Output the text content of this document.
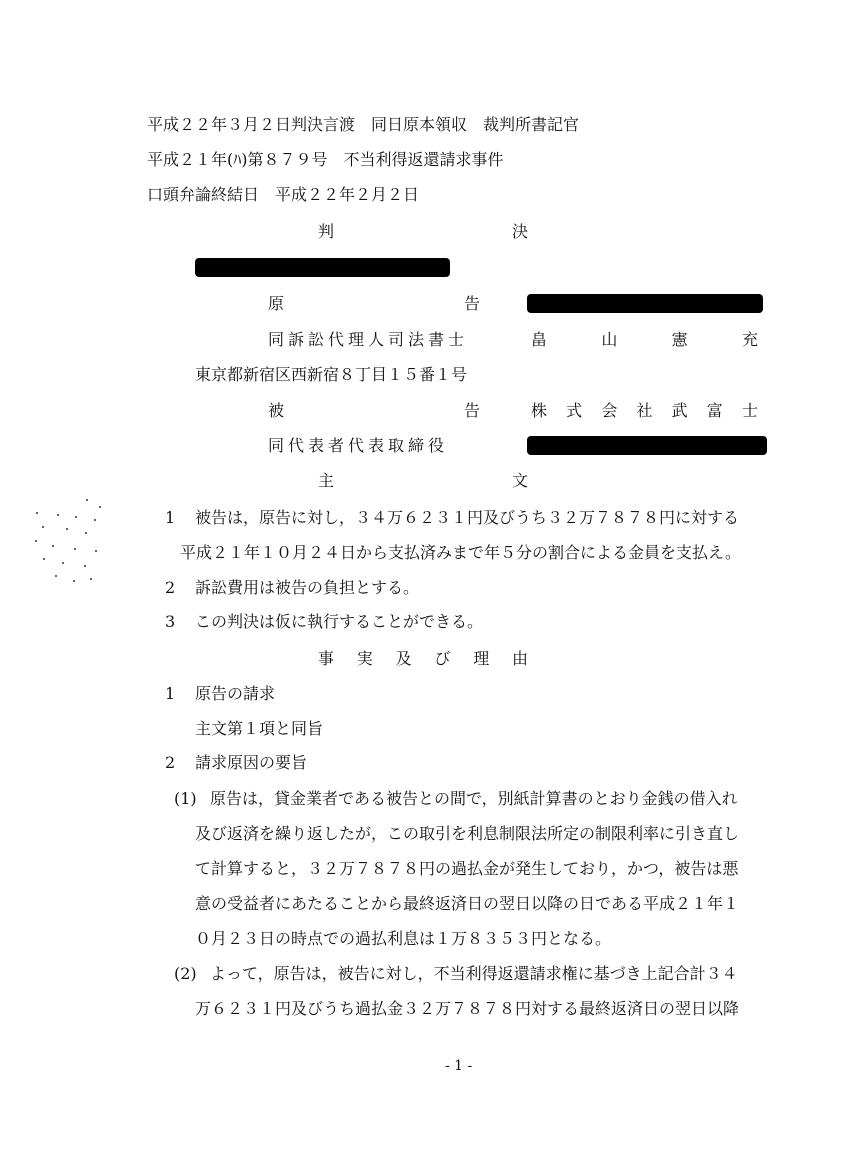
平成２２年３月２日判決言渡　同日原本領収　裁判所書記官
平成２１年(ﾊ)第８７９号　不当利得返還請求事件
口頭弁論終結日　平成２２年２月２日
判	決
原	告
同訴訟代理人司法書士	畠	山	憲	充
東京都新宿区西新宿８丁目１５番１号
被	告	株 式 会 社 武 富 士
同代表者代表取締役
主	文
1 被告は，原告に対し，３４万６２３１円及びうち３２万７８７８円に対する
平成２１年１０月２４日から支払済みまで年５分の割合による金員を支払え。
2 訴訟費用は被告の負担とする。
3 この判決は仮に執行することができる。
事 実 及 び 理 由
1 原告の請求
主文第１項と同旨
2 請求原因の要旨
(1) 原告は，貸金業者である被告との間で，別紙計算書のとおり金銭の借入れ
及び返済を繰り返したが，この取引を利息制限法所定の制限利率に引き直し
て計算すると，３２万７８７８円の過払金が発生しており，かつ，被告は悪
意の受益者にあたることから最終返済日の翌日以降の日である平成２１年１
０月２３日の時点での過払利息は１万８３５３円となる。
(2) よって，原告は，被告に対し，不当利得返還請求権に基づき上記合計３４
万６２３１円及びうち過払金３２万７８７８円対する最終返済日の翌日以降
- 1 -
